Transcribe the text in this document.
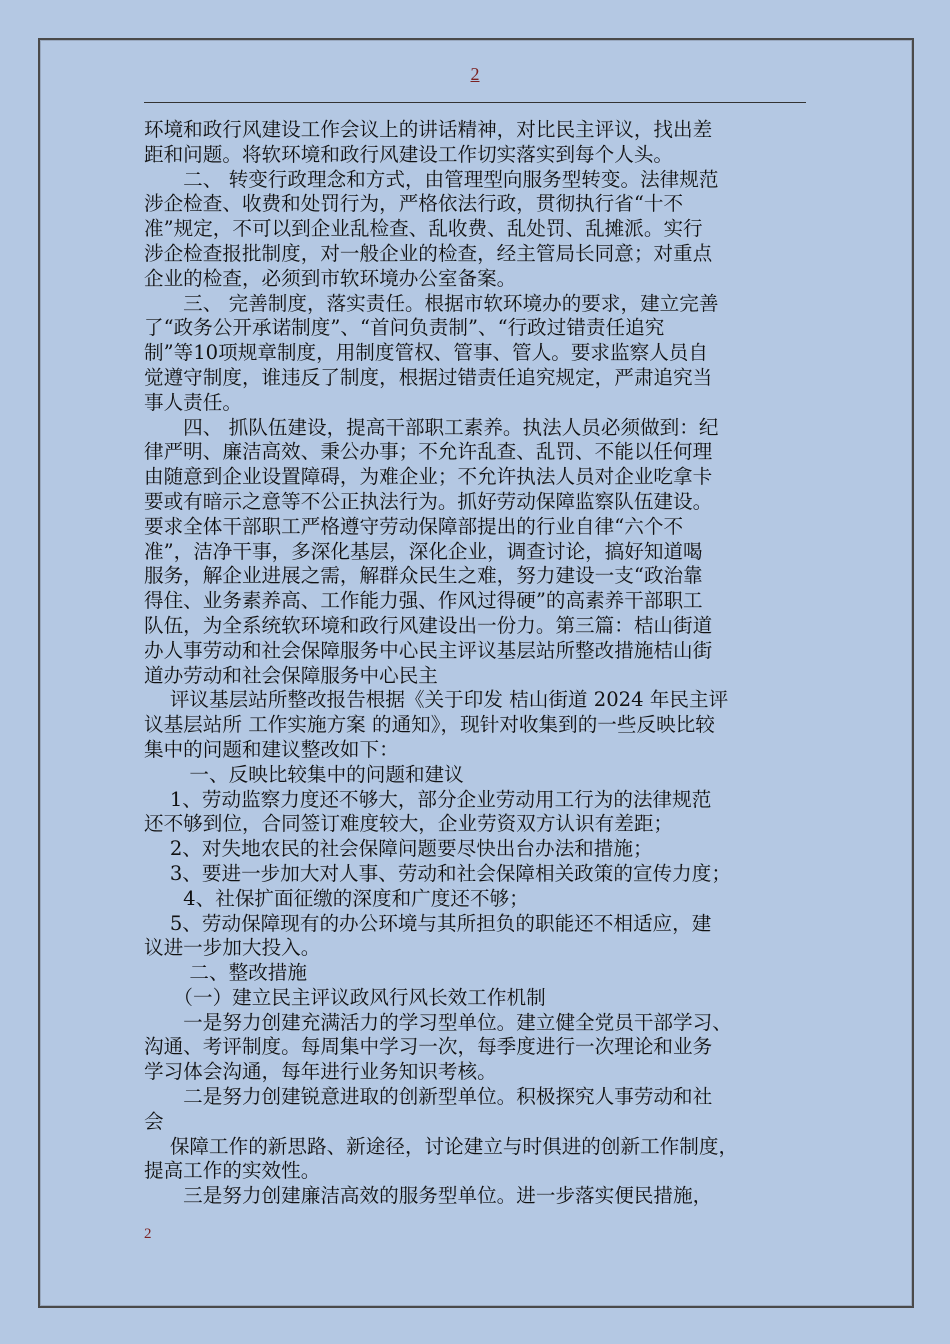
2

环境和政行风建设工作会议上的讲话精神，对比民主评议，找出差

距和问题。将软环境和政行风建设工作切实落实到每个人头。

　　二、 转变行政理念和方式，由管理型向服务型转变。法律规范

涉企检查、收费和处罚行为，严格依法行政，贯彻执行省“十不

准”规定，不可以到企业乱检查、乱收费、乱处罚、乱摊派。实行

涉企检查报批制度，对一般企业的检查，经主管局长同意；对重点

企业的检查，必须到市软环境办公室备案。

　　三、 完善制度，落实责任。根据市软环境办的要求，建立完善

了“政务公开承诺制度”、“首问负责制”、“行政过错责任追究

制”等10项规章制度，用制度管权、管事、管人。要求监察人员自

觉遵守制度，谁违反了制度，根据过错责任追究规定，严肃追究当

事人责任。

　　四、 抓队伍建设，提高干部职工素养。执法人员必须做到：纪

律严明、廉洁高效、秉公办事；不允许乱查、乱罚、不能以任何理

由随意到企业设置障碍，为难企业；不允许执法人员对企业吃拿卡

要或有暗示之意等不公正执法行为。抓好劳动保障监察队伍建设。

要求全体干部职工严格遵守劳动保障部提出的行业自律“六个不

准”，洁净干事，多深化基层，深化企业，调查讨论，搞好知道喝

服务，解企业进展之需，解群众民生之难，努力建设一支“政治靠

得住、业务素养高、工作能力强、作风过得硬”的高素养干部职工

队伍，为全系统软环境和政行风建设出一份力。第三篇：桔山街道

办人事劳动和社会保障服务中心民主评议基层站所整改措施桔山街

道办劳动和社会保障服务中心民主

　 评议基层站所整改报告根据《关于印发 桔山街道 2024 年民主评

议基层站所 工作实施方案 的通知》，现针对收集到的一些反映比较

集中的问题和建议整改如下：

　　 一、反映比较集中的问题和建议

　 1、劳动监察力度还不够大，部分企业劳动用工行为的法律规范

还不够到位，合同签订难度较大，企业劳资双方认识有差距；

　 2、对失地农民的社会保障问题要尽快出台办法和措施；

　 3、要进一步加大对人事、劳动和社会保障相关政策的宣传力度；

　　4、社保扩面征缴的深度和广度还不够；

　 5、劳动保障现有的办公环境与其所担负的职能还不相适应，建

议进一步加大投入。

　　 二、整改措施

　　（一）建立民主评议政风行风长效工作机制

　　一是努力创建充满活力的学习型单位。建立健全党员干部学习、

沟通、考评制度。每周集中学习一次，每季度进行一次理论和业务

学习体会沟通，每年进行业务知识考核。

　　二是努力创建锐意进取的创新型单位。积极探究人事劳动和社

会

　 保障工作的新思路、新途径，讨论建立与时俱进的创新工作制度，

提高工作的实效性。

　　三是努力创建廉洁高效的服务型单位。进一步落实便民措施，

2
